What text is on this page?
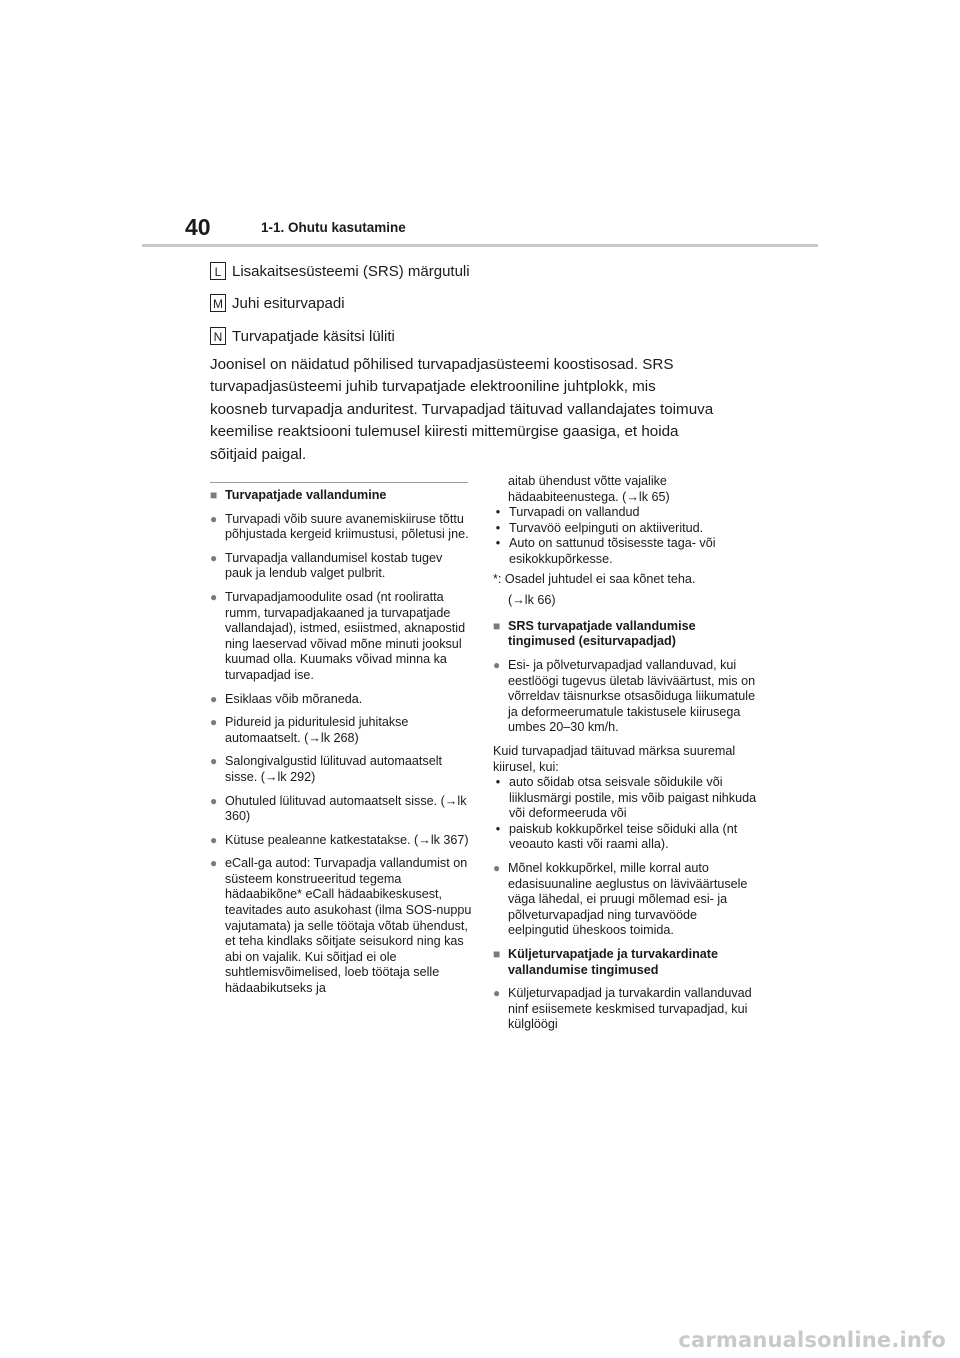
40	1-1. Ohutu kasutamine
L Lisakaitsesüsteemi (SRS) märgutuli
M Juhi esiturvapadi
N Turvapatjade käsitsi lüliti

Joonisel on näidatud põhilised turvapadjasüsteemi koostisosad. SRS

turvapadjasüsteemi juhib turvapatjade elektrooniline juhtplokk, mis

koosneb turvapadja anduritest. Turvapadjad täituvad vallandajates toimuva

keemilise reaktsiooni tulemusel kiiresti mittemürgise gaasiga, et hoida

sõitjaid paigal.

■ Turvapatjade vallandumine
● Turvapadi võib suure avanemiskiiruse tõttu põhjustada kergeid kriimustusi, põletusi jne.
● Turvapadja vallandumisel kostab tugev pauk ja lendub valget pulbrit.
● Turvapadjamoodulite osad (nt rooliratta rumm, turvapadjakaaned ja turvapatjade vallandajad), istmed, esiistmed, aknapostid ning laeservad võivad mõne minuti jooksul kuumad olla. Kuumaks võivad minna ka turvapadjad ise.
● Esiklaas võib mõraneda.
● Pidureid ja piduritulesid juhitakse automaatselt. (→lk 268)
● Salongivalgustid lülituvad automaatselt sisse. (→lk 292)
● Ohutuled lülituvad automaatselt sisse. (→lk 360)
● Kütuse pealeanne katkestatakse. (→lk 367)
● eCall-ga autod: Turvapadja vallandumist on süsteem konstrueeritud tegema hädaabikõne* eCall hädaabikeskusest, teavitades auto asukohast (ilma SOS-nuppu vajutamata) ja selle töötaja võtab ühendust, et teha kindlaks sõitjate seisukord ning kas abi on vajalik. Kui sõitjad ei ole suhtlemisvõimelised, loeb töötaja selle hädaabikutseks ja
aitab ühendust võtte vajalike hädaabiteenustega. (→lk 65)
• Turvapadi on vallandud
• Turvavöö eelpinguti on aktiiveritud.
• Auto on sattunud tõsisesste taga- või esikokkupõrkesse.
*: Osadel juhtudel ei saa kõnet teha.
(→lk 66)
■ SRS turvapatjade vallandumise tingimused (esiturvapadjad)
● Esi- ja põlveturvapadjad vallanduvad, kui eestlöögi tugevus ületab läviväärtust, mis on võrreldav täisnurkse otsasõiduga liikumatule ja deformeerumatule takistusele kiirusega umbes 20–30 km/h.
Kuid turvapadjad täituvad märksa suuremal kiirusel, kui:
• auto sõidab otsa seisvale sõidukile või liiklusmärgi postile, mis võib paigast nihkuda või deformeeruda või
• paiskub kokkupõrkel teise sõiduki alla (nt veoauto kasti või raami alla).
● Mõnel kokkupõrkel, mille korral auto edasisuunaline aeglustus on läviväärtusele väga lähedal, ei pruugi mõlemad esi- ja põlveturvapadjad ning turvavööde eelpingutid üheskoos toimida.
■ Küljeturvapatjade ja turvakardinate vallandumise tingimused
● Küljeturvapadjad ja turvakardin vallanduvad ninf esiisemete keskmised turvapadjad, kui külglöögi
carmanualsonline.info
